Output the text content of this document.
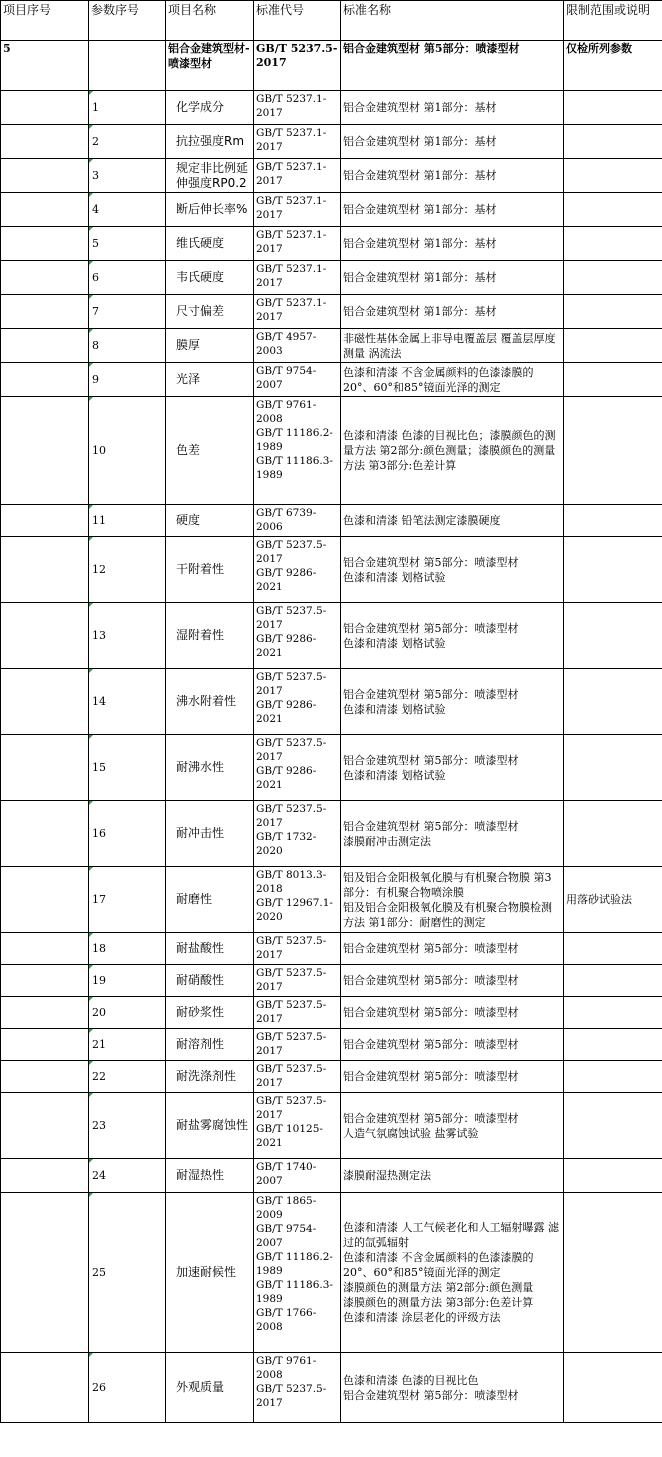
项目序号	参数序号	项目名称	标准代号	标准名称	限制范围或说明
5		铝合金建筑型材-喷漆型材	GB/T 5237.5-2017	铝合金建筑型材 第5部分：喷漆型材	仅检所列参数
	1	化学成分	GB/T 5237.1-2017	铝合金建筑型材 第1部分：基材	

	2	抗拉强度Rm	GB/T 5237.1-2017	铝合金建筑型材 第1部分：基材	

	3	规定非比例延伸强度RP0.2	GB/T 5237.1-2017	铝合金建筑型材 第1部分：基材	

	4	断后伸长率%	GB/T 5237.1-2017	铝合金建筑型材 第1部分：基材	

	5	维氏硬度	GB/T 5237.1-2017	铝合金建筑型材 第1部分：基材	

	6	韦氏硬度	GB/T 5237.1-2017	铝合金建筑型材 第1部分：基材	

	7	尺寸偏差	GB/T 5237.1-2017	铝合金建筑型材 第1部分：基材	

	8	膜厚	GB/T 4957-2003	非磁性基体金属上非导电覆盖层 覆盖层厚度测量 涡流法	

	9	光泽	GB/T 9754-2007	色漆和清漆 不含金属颜料的色漆漆膜的20°、60°和85°镜面光泽的测定	

	10	色差	GB/T 9761-2008
GB/T 11186.2-1989
GB/T 11186.3-1989	色漆和清漆 色漆的目视比色；漆膜颜色的测量方法 第2部分:颜色测量；漆膜颜色的测量方法 第3部分:色差计算	

	11	硬度	GB/T 6739-2006	色漆和清漆 铅笔法测定漆膜硬度	

	12	干附着性	GB/T 5237.5-2017
GB/T 9286-2021	铝合金建筑型材 第5部分：喷漆型材
色漆和清漆 划格试验	

	13	湿附着性	GB/T 5237.5-2017
GB/T 9286-2021	铝合金建筑型材 第5部分：喷漆型材
色漆和清漆 划格试验	

	14	沸水附着性	GB/T 5237.5-2017
GB/T 9286-2021	铝合金建筑型材 第5部分：喷漆型材
色漆和清漆 划格试验	

	15	耐沸水性	GB/T 5237.5-2017
GB/T 9286-2021	铝合金建筑型材 第5部分：喷漆型材
色漆和清漆 划格试验	

	16	耐冲击性	GB/T 5237.5-2017
GB/T 1732-2020	铝合金建筑型材 第5部分：喷漆型材
漆膜耐冲击测定法	

	17	耐磨性	GB/T 8013.3-2018
GB/T 12967.1-2020	铝及铝合金阳极氧化膜与有机聚合物膜 第3部分：有机聚合物喷涂膜
铝及铝合金阳极氧化膜及有机聚合物膜检测方法 第1部分：耐磨性的测定	用落砂试验法
	18	耐盐酸性	GB/T 5237.5-2017	铝合金建筑型材 第5部分：喷漆型材	

	19	耐硝酸性	GB/T 5237.5-2017	铝合金建筑型材 第5部分：喷漆型材	

	20	耐砂浆性	GB/T 5237.5-2017	铝合金建筑型材 第5部分：喷漆型材	

	21	耐溶剂性	GB/T 5237.5-2017	铝合金建筑型材 第5部分：喷漆型材	

	22	耐洗涤剂性	GB/T 5237.5-2017	铝合金建筑型材 第5部分：喷漆型材	

	23	耐盐雾腐蚀性	GB/T 5237.5-2017
GB/T 10125-2021	铝合金建筑型材 第5部分：喷漆型材
人造气氛腐蚀试验 盐雾试验	

	24	耐湿热性	GB/T 1740-2007	漆膜耐湿热测定法	

	25	加速耐候性	GB/T 1865-2009
GB/T 9754-2007
GB/T 11186.2-1989
GB/T 11186.3-1989
GB/T 1766-2008	色漆和清漆 人工气候老化和人工辐射曝露 滤过的氙弧辐射
色漆和清漆 不含金属颜料的色漆漆膜的20°、60°和85°镜面光泽的测定
漆膜颜色的测量方法 第2部分:颜色测量
漆膜颜色的测量方法 第3部分:色差计算
色漆和清漆 涂层老化的评级方法	

	26	外观质量	GB/T 9761-2008
GB/T 5237.5-2017	色漆和清漆 色漆的目视比色
铝合金建筑型材 第5部分：喷漆型材	
